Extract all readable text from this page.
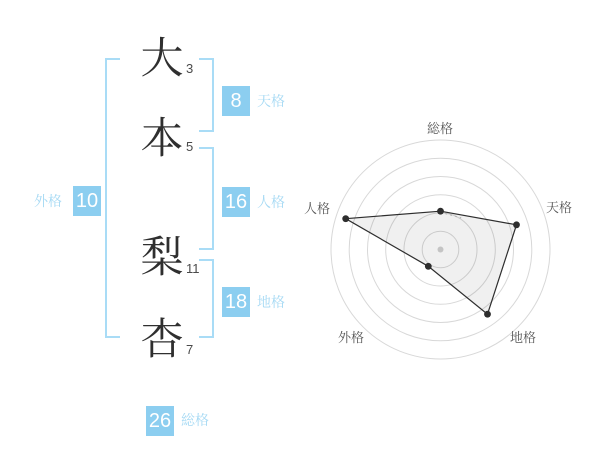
大
本
梨
杏
3
5
11
7
8	天格
16 人格
外格 10
18 地格
26 総格
総格
天格
地格
外格
人格
